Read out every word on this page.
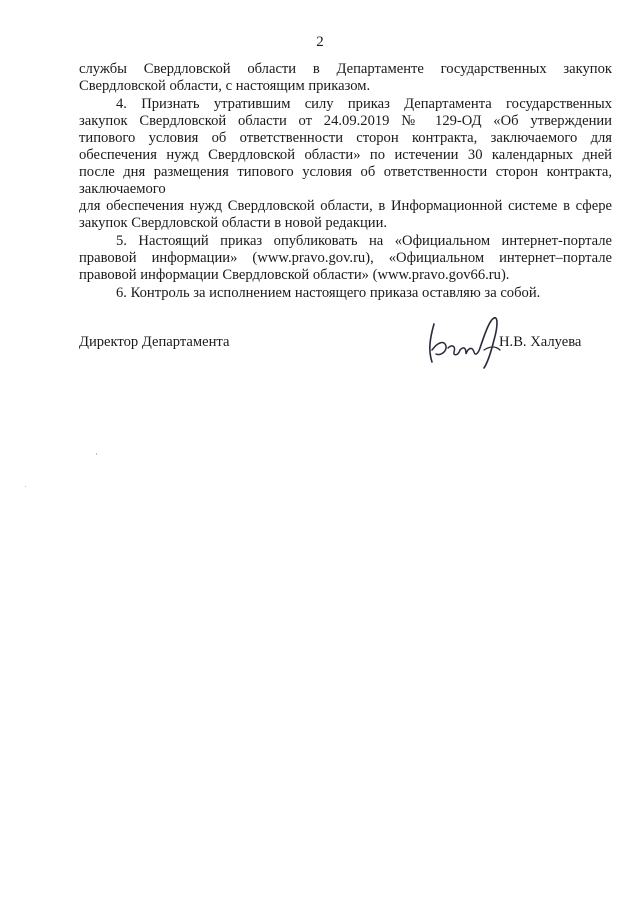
2
службы Свердловской области в Департаменте государственных закупок
Свердловской области, с настоящим приказом.
4. Признать утратившим силу приказ Департамента государственных
закупок Свердловской области от 24.09.2019 № 129-ОД «Об утверждении
типового условия об ответственности сторон контракта, заключаемого для
обеспечения нужд Свердловской области» по истечении 30 календарных дней
после дня размещения типового условия об ответственности сторон контракта,
заключаемого
для обеспечения нужд Свердловской области, в Информационной системе в сфере
закупок Свердловской области в новой редакции.
5. Настоящий приказ опубликовать на «Официальном интернет-портале
правовой информации» (www.pravo.gov.ru), «Официальном интернет–портале
правовой информации Свердловской области» (www.pravo.gov66.ru).
6. Контроль за исполнением настоящего приказа оставляю за собой.
Директор Департамента	Н.В. Халуева
